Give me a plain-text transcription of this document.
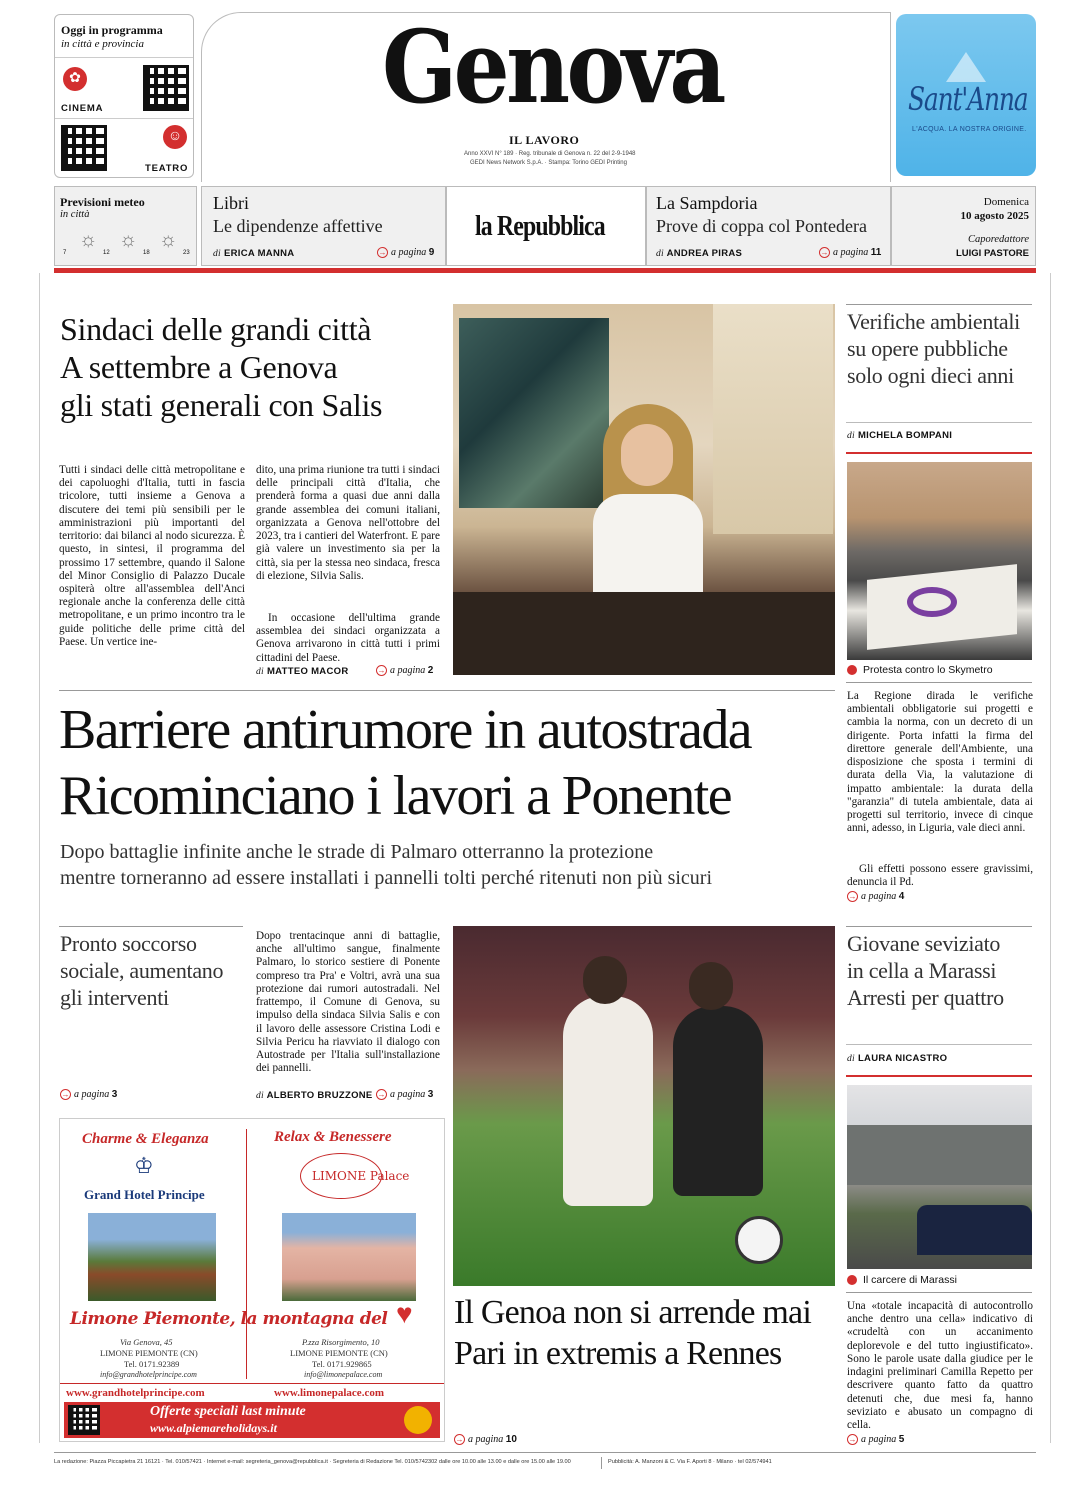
Oggi in programma
in città e provincia
✿
CINEMA
☺
TEATRO
Genova
IL LAVORO
Anno XXVI N° 189 · Reg. tribunale di Genova n. 22 del 2-9-1948
GEDI News Network S.p.A. · Stampa: Torino GEDI Printing
Sant'Anna
L'ACQUA. LA NOSTRA ORIGINE.
Previsioni meteo
in città
☼ ☼ ☼
7	12	18	23
Libri
Le dipendenze affettive
di ERICA MANNA	→ a pagina 9
la Repubblica
La Sampdoria
Prove di coppa col Pontedera
di ANDREA PIRAS	→ a pagina 11
Domenica
10 agosto 2025
Caporedattore
LUIGI PASTORE
Sindaci delle grandi città
A settembre a Genova
gli stati generali con Salis
Tutti i sindaci delle città metropolitane e dei capoluoghi d'Italia, tutti in fascia tricolore, tutti insieme a Genova a discutere dei temi più sensibili per le amministrazioni più importanti del territorio: dai bilanci al nodo sicurezza. È questo, in sintesi, il programma del prossimo 17 settembre, quando il Salone del Minor Consiglio di Palazzo Ducale ospiterà oltre all'assemblea dell'Anci regionale anche la conferenza delle città metropolitane, e un primo incontro tra le guide politiche delle prime città del Paese. Un vertice ine-
dito, una prima riunione tra tutti i sindaci delle principali città d'Italia, che prenderà forma a quasi due anni dalla grande assemblea dei comuni italiani, organizzata a Genova nell'ottobre del 2023, tra i cantieri del Waterfront. E pare già valere un investimento sia per la città, sia per la stessa neo sindaca, fresca di elezione, Silvia Salis.
In occasione dell'ultima grande assemblea dei sindaci organizzata a Genova arrivarono in città tutti i primi cittadini del Paese.
di MATTEO MACOR	→ a pagina 2
Verifiche ambientali
su opere pubbliche
solo ogni dieci anni
di MICHELA BOMPANI
Protesta contro lo Skymetro
La Regione dirada le verifiche ambientali obbligatorie sui progetti e cambia la norma, con un decreto di un dirigente. Porta infatti la firma del direttore generale dell'Ambiente, una disposizione che sposta i termini di durata della Via, la valutazione di impatto ambientale: la durata della "garanzia" di tutela ambientale, data ai progetti sul territorio, invece di cinque anni, adesso, in Liguria, vale dieci anni.
Gli effetti possono essere gravissimi, denuncia il Pd.
→ a pagina 4
Barriere antirumore in autostrada
Ricominciano i lavori a Ponente
Dopo battaglie infinite anche le strade di Palmaro otterranno la protezione
mentre torneranno ad essere installati i pannelli tolti perché ritenuti non più sicuri
Pronto soccorso
sociale, aumentano
gli interventi
→ a pagina 3
Dopo trentacinque anni di battaglie, anche all'ultimo sangue, finalmente Palmaro, lo storico sestiere di Ponente compreso tra Pra' e Voltri, avrà una sua protezione dai rumori autostradali. Nel frattempo, il Comune di Genova, su impulso della sindaca Silvia Salis e con il lavoro delle assessore Cristina Lodi e Silvia Pericu ha riavviato il dialogo con Autostrade per l'Italia sull'installazione dei pannelli.
di ALBERTO BRUZZONE → a pagina 3
Charme & Eleganza
♔
Grand Hotel Principe
Relax & Benessere
LIMONE Palace
Limone Piemonte, la montagna del ♥
Via Genova, 45
LIMONE PIEMONTE (CN)
Tel. 0171.92389
info@grandhotelprincipe.com
P.zza Risorgimento, 10
LIMONE PIEMONTE (CN)
Tel. 0171.929865
info@limonepalace.com
www.grandhotelprincipe.com	www.limonepalace.com
Offerte speciali last minute
www.alpiemareholidays.it
Il Genoa non si arrende mai
Pari in extremis a Rennes
→ a pagina 10
Giovane seviziato
in cella a Marassi
Arresti per quattro
di LAURA NICASTRO
Il carcere di Marassi
Una «totale incapacità di autocontrollo anche dentro una cella» indicativo di «crudeltà con un accanimento deplorevole e del tutto ingiustificato». Sono le parole usate dalla giudice per le indagini preliminari Camilla Repetto per descrivere quanto fatto da quattro detenuti che, due mesi fa, hanno seviziato e abusato un compagno di cella.
→ a pagina 5
La redazione: Piazza Piccapietra 21 16121 · Tel. 010/57421 · Internet e-mail: segreteria_genova@repubblica.it · Segreteria di Redazione Tel. 010/5742302 dalle ore 10.00 alle 13.00 e dalle ore 15.00 alle 19.00	Pubblicità: A. Manzoni & C. Via F. Aporti 8 · Milano · tel 02/574941
